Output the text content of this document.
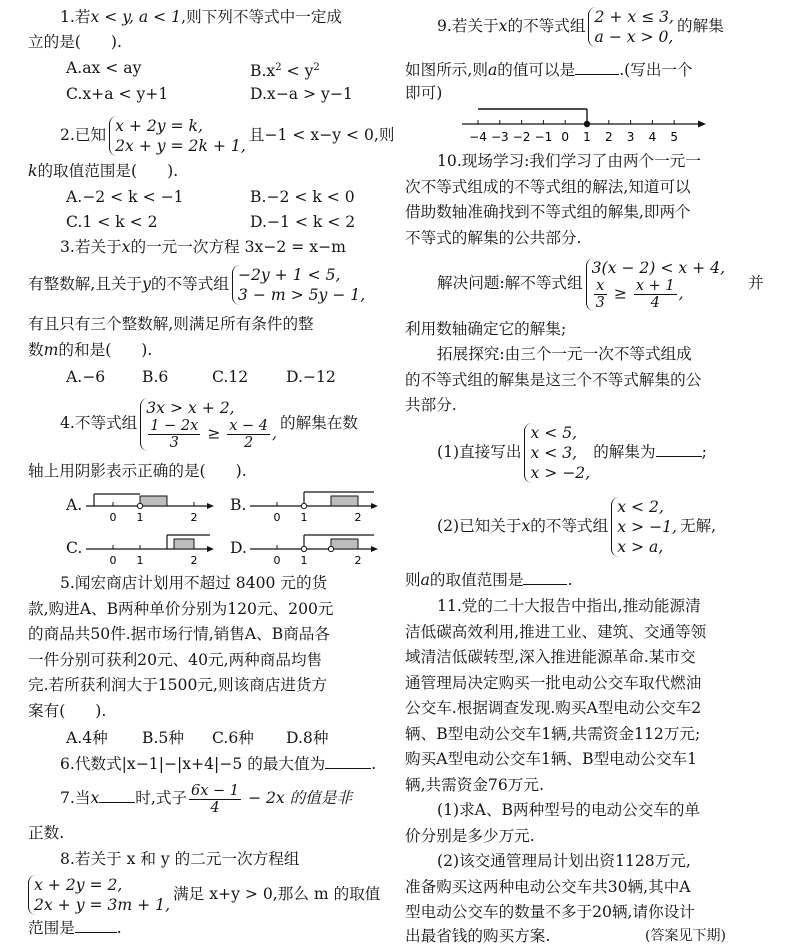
1.若x < y, a < 1,则下列不等式中一定成
立的是( ).
A.ax < ay	$B.x^2 < y^2$
C.x+a < y+1	D.x−a > y−1
2.已知 x + 2y = k,
2x + y = 2k + 1,
且−1 < x−y < 0,则
k的取值范围是( ).
A.−2 < k < −1	B.−2 < k < 0
C.1 < k < 2	D.−1 < k < 2
3.若关于x的一元一次方程 3x−2 = x−m
有整数解,且关于y的不等式组 −2y + 1 < 5,
3 − m > 5y − 1,
有且只有三个整数解,则满足所有条件的整
数m的和是( ).
A.−6 B.6	C.12 D.−12
4.不等式组
3x > x + 2,
$\frac{1 - 2x}{3} \ge \frac{x - 4}{2}$ ,
的解集在数
轴上用阴影表示正确的是( ).
A.
0 1	2
B.
0 1	2
C.
0 1	2
D.
0 1	2
5.闻宏商店计划用不超过 8400 元的货
款,购进A、B两种单价分别为120元、200元
的商品共50件.据市场行情,销售A、B商品各
一件分别可获利20元、40元,两种商品均售
完.若所获利润大于1500元,则该商店进货方
案有( ).
A.4种 B.5种 C.6种 D.8种
6.代数式|x−1|−|x+4|−5 的最大值为	.
7.当x 时,式子 $\frac{6x - 1}{4} - 2x$ 的值是非
正数.
8.若关于 x 和 y 的二元一次方程组
x + 2y = 2,
2x + y = 3m + 1,
满足 x+y > 0,那么 m 的取值
范围是	.
9.若关于x的不等式组 2 + x ≤ 3,
a − x > 0,
的解集
如图所示,则a的值可以是	.(写出一个
即可)
−4 −3 −2 −1 0 1 2 3 4 5
10.现场学习:我们学习了由两个一元一
次不等式组成的不等式组的解法,知道可以
借助数轴准确找到不等式组的解集,即两个
不等式的解集的公共部分.
解决问题:解不等式组
3(x − 2) < x + 4,
$\frac{x}{3} \ge \frac{x + 1}{4}$ ,
并
利用数轴确定它的解集;
拓展探究:由三个一元一次不等式组成
的不等式组的解集是这三个不等式解集的公
共部分.
(1)直接写出
x < 5,
x < 3,
x > −2,
的解集为	;
(2)已知关于x的不等式组
x < 2,
x > −1,
x > a,
无解,
则a的取值范围是	.
11.党的二十大报告中指出,推动能源清
洁低碳高效利用,推进工业、建筑、交通等领
域清洁低碳转型,深入推进能源革命.某市交
通管理局决定购买一批电动公交车取代燃油
公交车.根据调查发现.购买A型电动公交车2
辆、B型电动公交车1辆,共需资金112万元;
购买A型电动公交车1辆、B型电动公交车1
辆,共需资金76万元.
(1)求A、B两种型号的电动公交车的单
价分别是多少万元.
(2)该交通管理局计划出资1128万元,
准备购买这两种电动公交车共30辆,其中A
型电动公交车的数量不多于20辆,请你设计
出最省钱的购买方案.	(答案见下期)
